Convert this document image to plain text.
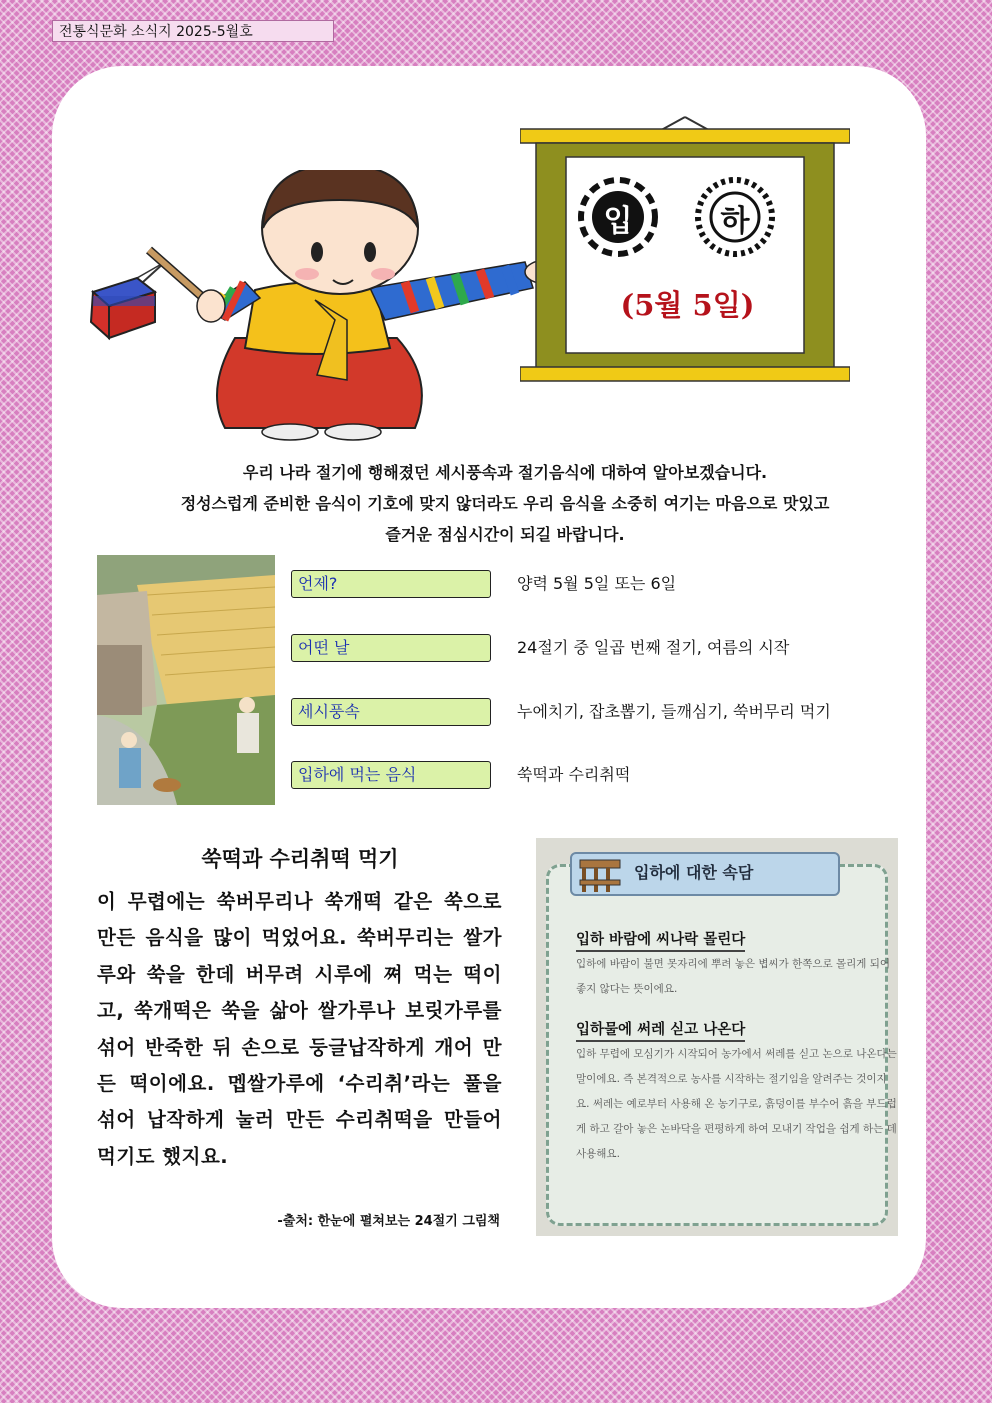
전통식문화 소식지 2025-5월호
입	하
(5월 5일)

우리 나라 절기에 행해졌던 세시풍속과 절기음식에 대하여 알아보겠습니다.

정성스럽게 준비한 음식이 기호에 맞지 않더라도 우리 음식을 소중히 여기는 마음으로 맛있고

즐거운 점심시간이 되길 바랍니다.

언제?	양력 5월 5일 또는 6일
어떤 날	24절기 중 일곱 번째 절기, 여름의 시작
세시풍속	누에치기, 잡초뽑기, 들깨심기, 쑥버무리 먹기
입하에 먹는 음식	쑥떡과 수리취떡
쑥떡과 수리취떡 먹기
이 무렵에는 쑥버무리나 쑥개떡 같은 쑥으로 만든 음식을 많이 먹었어요. 쑥버무리는 쌀가루와 쑥을 한데 버무려 시루에 쪄 먹는 떡이고, 쑥개떡은 쑥을 삶아 쌀가루나 보릿가루를 섞어 반죽한 뒤 손으로 둥글납작하게 개어 만든 떡이에요. 멥쌀가루에 ‘수리취’라는 풀을 섞어 납작하게 눌러 만든 수리취떡을 만들어 먹기도 했지요.
-출처: 한눈에 펼쳐보는 24절기 그림책
입하에 대한 속담
입하 바람에 씨나락 몰린다
입하에 바람이 불면 못자리에 뿌려 놓은 볍씨가 한쪽으로 몰리게 되어 좋지 않다는 뜻이에요.
입하물에 써레 싣고 나온다
입하 무렵에 모심기가 시작되어 농가에서 써레를 싣고 논으로 나온다는 말이에요. 즉 본격적으로 농사를 시작하는 절기임을 알려주는 것이지요. 써레는 예로부터 사용해 온 농기구로, 흙덩이를 부수어 흙을 부드럽게 하고 갈아 놓은 논바닥을 편평하게 하여 모내기 작업을 쉽게 하는 데 사용해요.
